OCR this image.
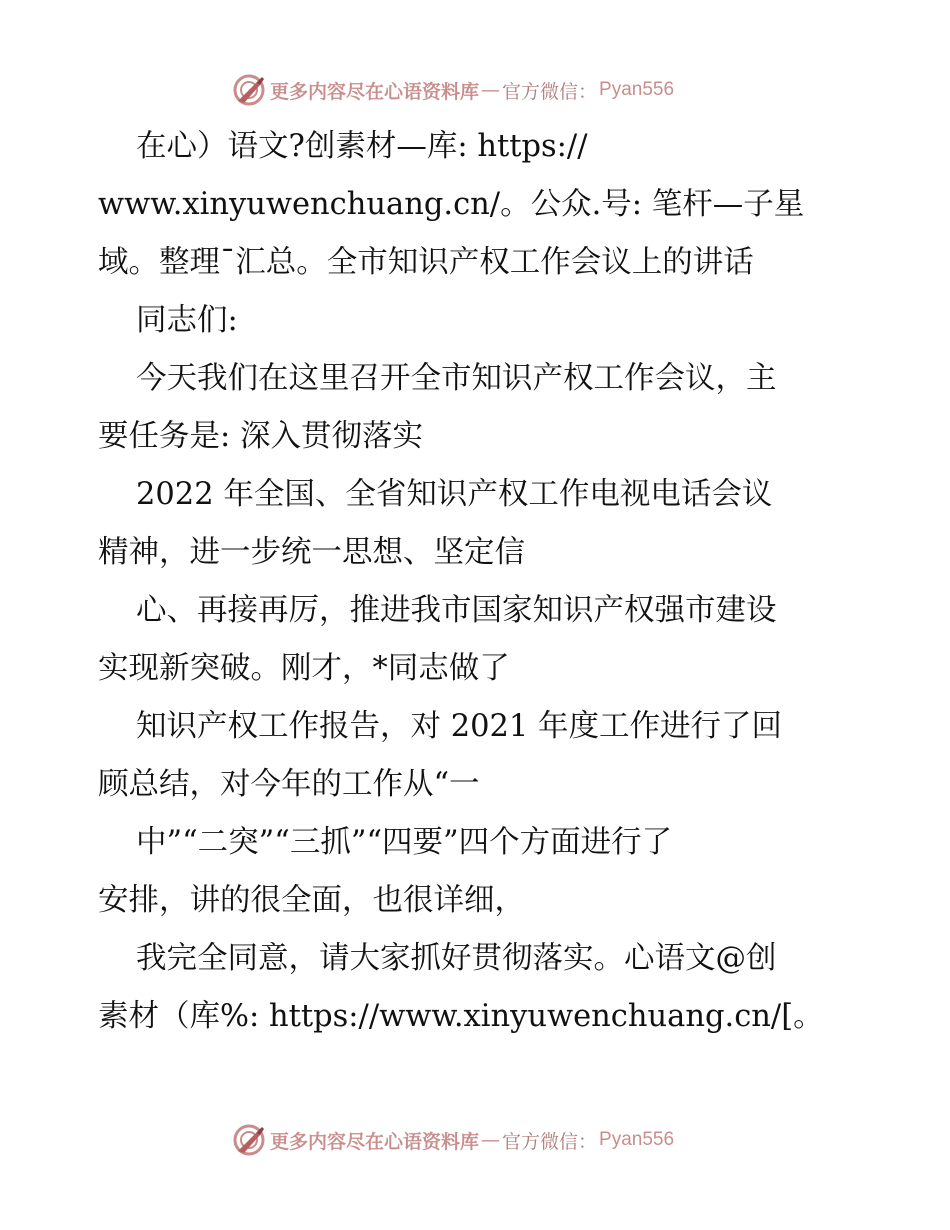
更多内容尽在心语资料库 — 官方微信： Pyan556
在心）语文?创素材—库: https://
www.xinyuwenchuang.cn/。公众.号: 笔杆—子星
域。整理¯汇总。全市知识产权工作会议上的讲话
同志们:
今天我们在这里召开全市知识产权工作会议，主
要任务是: 深入贯彻落实
2022 年全国、全省知识产权工作电视电话会议
精神，进一步统一思想、坚定信
心、再接再厉，推进我市国家知识产权强市建设
实现新突破。刚才，*同志做了
知识产权工作报告，对 2021 年度工作进行了回
顾总结，对今年的工作从“一
中”“二突”“三抓”“四要”四个方面进行了
安排，讲的很全面，也很详细，
我完全同意，请大家抓好贯彻落实。心语文@创
素材（库%: https://www.xinyuwenchuang.cn/[。
更多内容尽在心语资料库 — 官方微信： Pyan556
